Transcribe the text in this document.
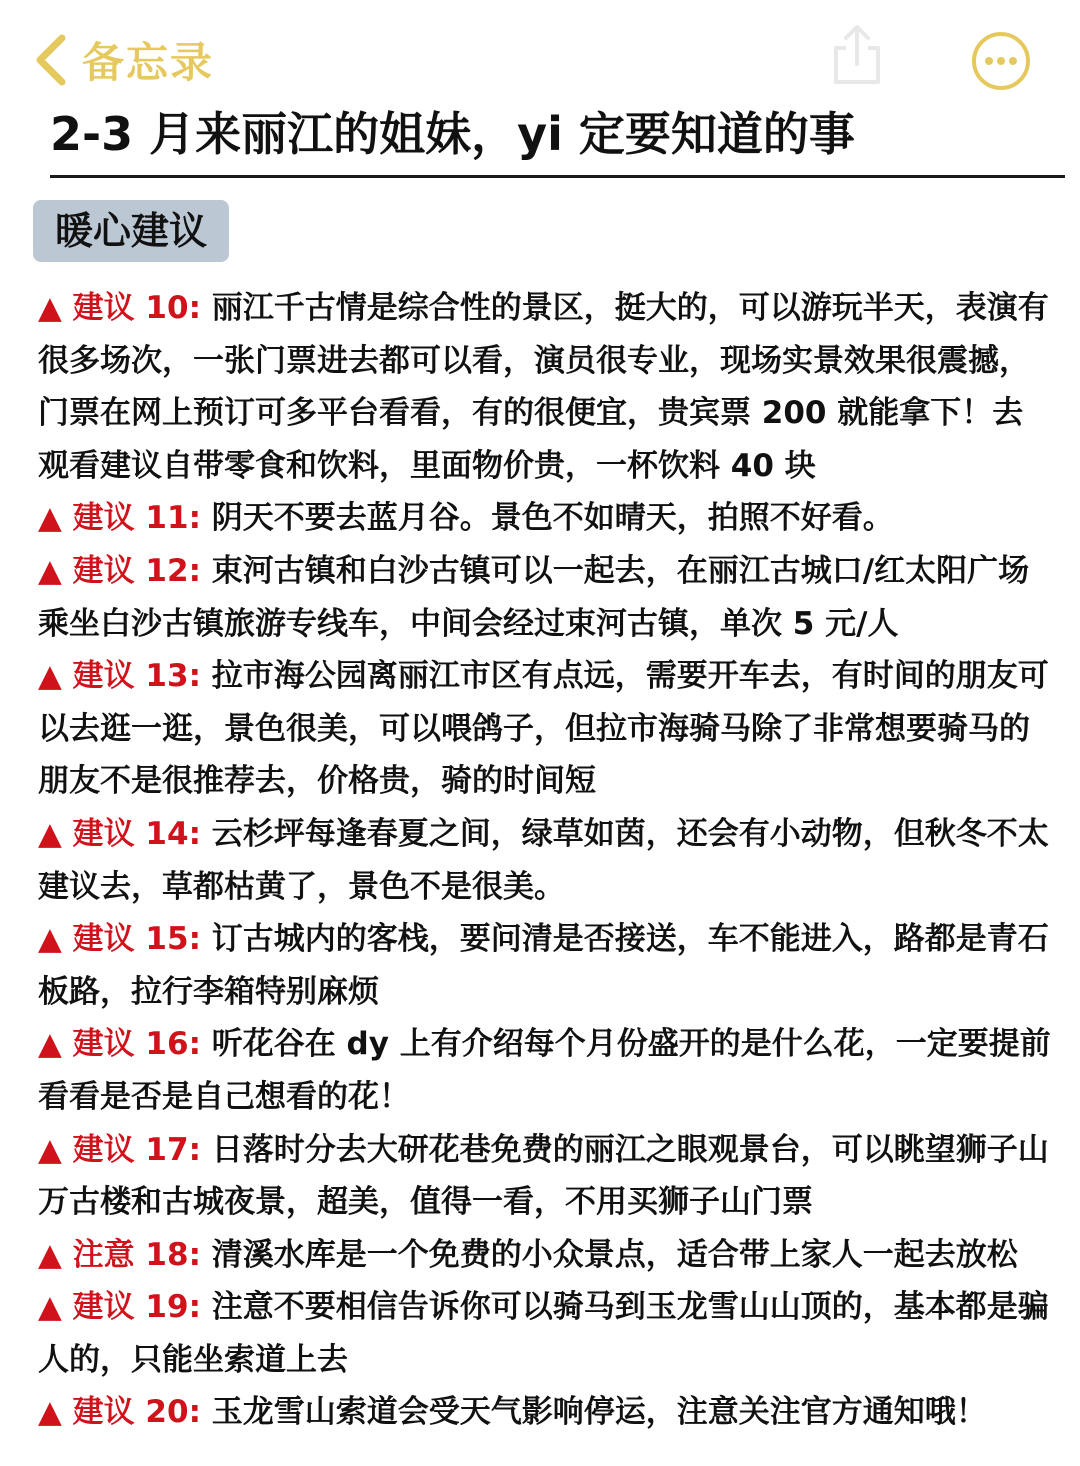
备忘录
2-3 月来丽江的姐妹，yi 定要知道的事
暖心建议

▲ 建议 10: 丽江千古情是综合性的景区，挺大的，可以游玩半天，表演有很多场次，一张门票进去都可以看，演员很专业，现场实景效果很震撼，门票在网上预订可多平台看看，有的很便宜，贵宾票 200 就能拿下！去观看建议自带零食和饮料，里面物价贵，一杯饮料 40 块

▲ 建议 11: 阴天不要去蓝月谷。景色不如晴天，拍照不好看。

▲ 建议 12: 束河古镇和白沙古镇可以一起去，在丽江古城口/红太阳广场乘坐白沙古镇旅游专线车，中间会经过束河古镇，单次 5 元/人

▲ 建议 13: 拉市海公园离丽江市区有点远，需要开车去，有时间的朋友可以去逛一逛，景色很美，可以喂鸽子，但拉市海骑马除了非常想要骑马的朋友不是很推荐去，价格贵，骑的时间短

▲ 建议 14: 云杉坪每逢春夏之间，绿草如茵，还会有小动物，但秋冬不太建议去，草都枯黄了，景色不是很美。

▲ 建议 15: 订古城内的客栈，要问清是否接送，车不能进入，路都是青石板路，拉行李箱特别麻烦

▲ 建议 16: 听花谷在 dy 上有介绍每个月份盛开的是什么花，一定要提前看看是否是自己想看的花！

▲ 建议 17: 日落时分去大研花巷免费的丽江之眼观景台，可以眺望狮子山万古楼和古城夜景，超美，值得一看，不用买狮子山门票

▲ 注意 18: 清溪水库是一个免费的小众景点，适合带上家人一起去放松

▲ 建议 19: 注意不要相信告诉你可以骑马到玉龙雪山山顶的，基本都是骗人的，只能坐索道上去

▲ 建议 20: 玉龙雪山索道会受天气影响停运，注意关注官方通知哦！
